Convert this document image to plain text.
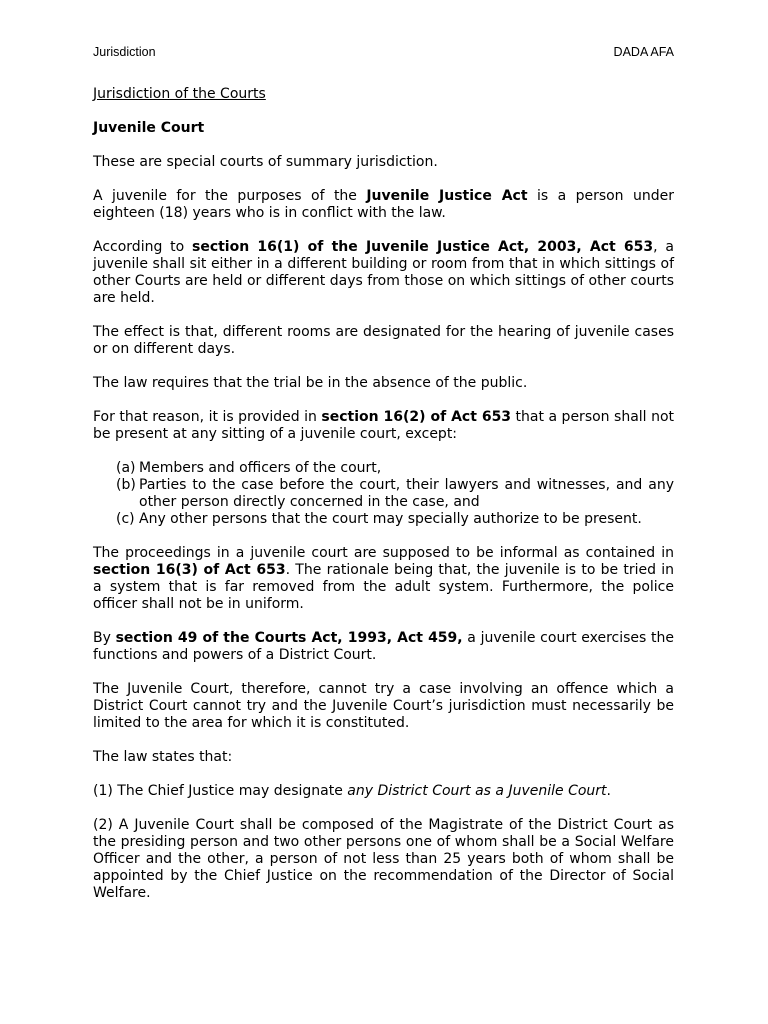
Jurisdiction	DADA AFA

Jurisdiction of the Courts

Juvenile Court

These are special courts of summary jurisdiction.

A juvenile for the purposes of the Juvenile Justice Act is a person under eighteen (18) years who is in conflict with the law.

According to section 16(1) of the Juvenile Justice Act, 2003, Act 653, a juvenile shall sit either in a different building or room from that in which sittings of other Courts are held or different days from those on which sittings of other courts are held.

The effect is that, different rooms are designated for the hearing of juvenile cases or on different days.

The law requires that the trial be in the absence of the public.

For that reason, it is provided in section 16(2) of Act 653 that a person shall not be present at any sitting of a juvenile court, except:

(a) Members and officers of the court,
(b) Parties to the case before the court, their lawyers and witnesses, and any other person directly concerned in the case, and
(c) Any other persons that the court may specially authorize to be present.

The proceedings in a juvenile court are supposed to be informal as contained in section 16(3) of Act 653. The rationale being that, the juvenile is to be tried in a system that is far removed from the adult system. Furthermore, the police officer shall not be in uniform.

By section 49 of the Courts Act, 1993, Act 459, a juvenile court exercises the functions and powers of a District Court.

The Juvenile Court, therefore, cannot try a case involving an offence which a District Court cannot try and the Juvenile Court’s jurisdiction must necessarily be limited to the area for which it is constituted.

The law states that:

(1) The Chief Justice may designate any District Court as a Juvenile Court.

(2) A Juvenile Court shall be composed of the Magistrate of the District Court as the presiding person and two other persons one of whom shall be a Social Welfare Officer and the other, a person of not less than 25 years both of whom shall be appointed by the Chief Justice on the recommendation of the Director of Social Welfare.
